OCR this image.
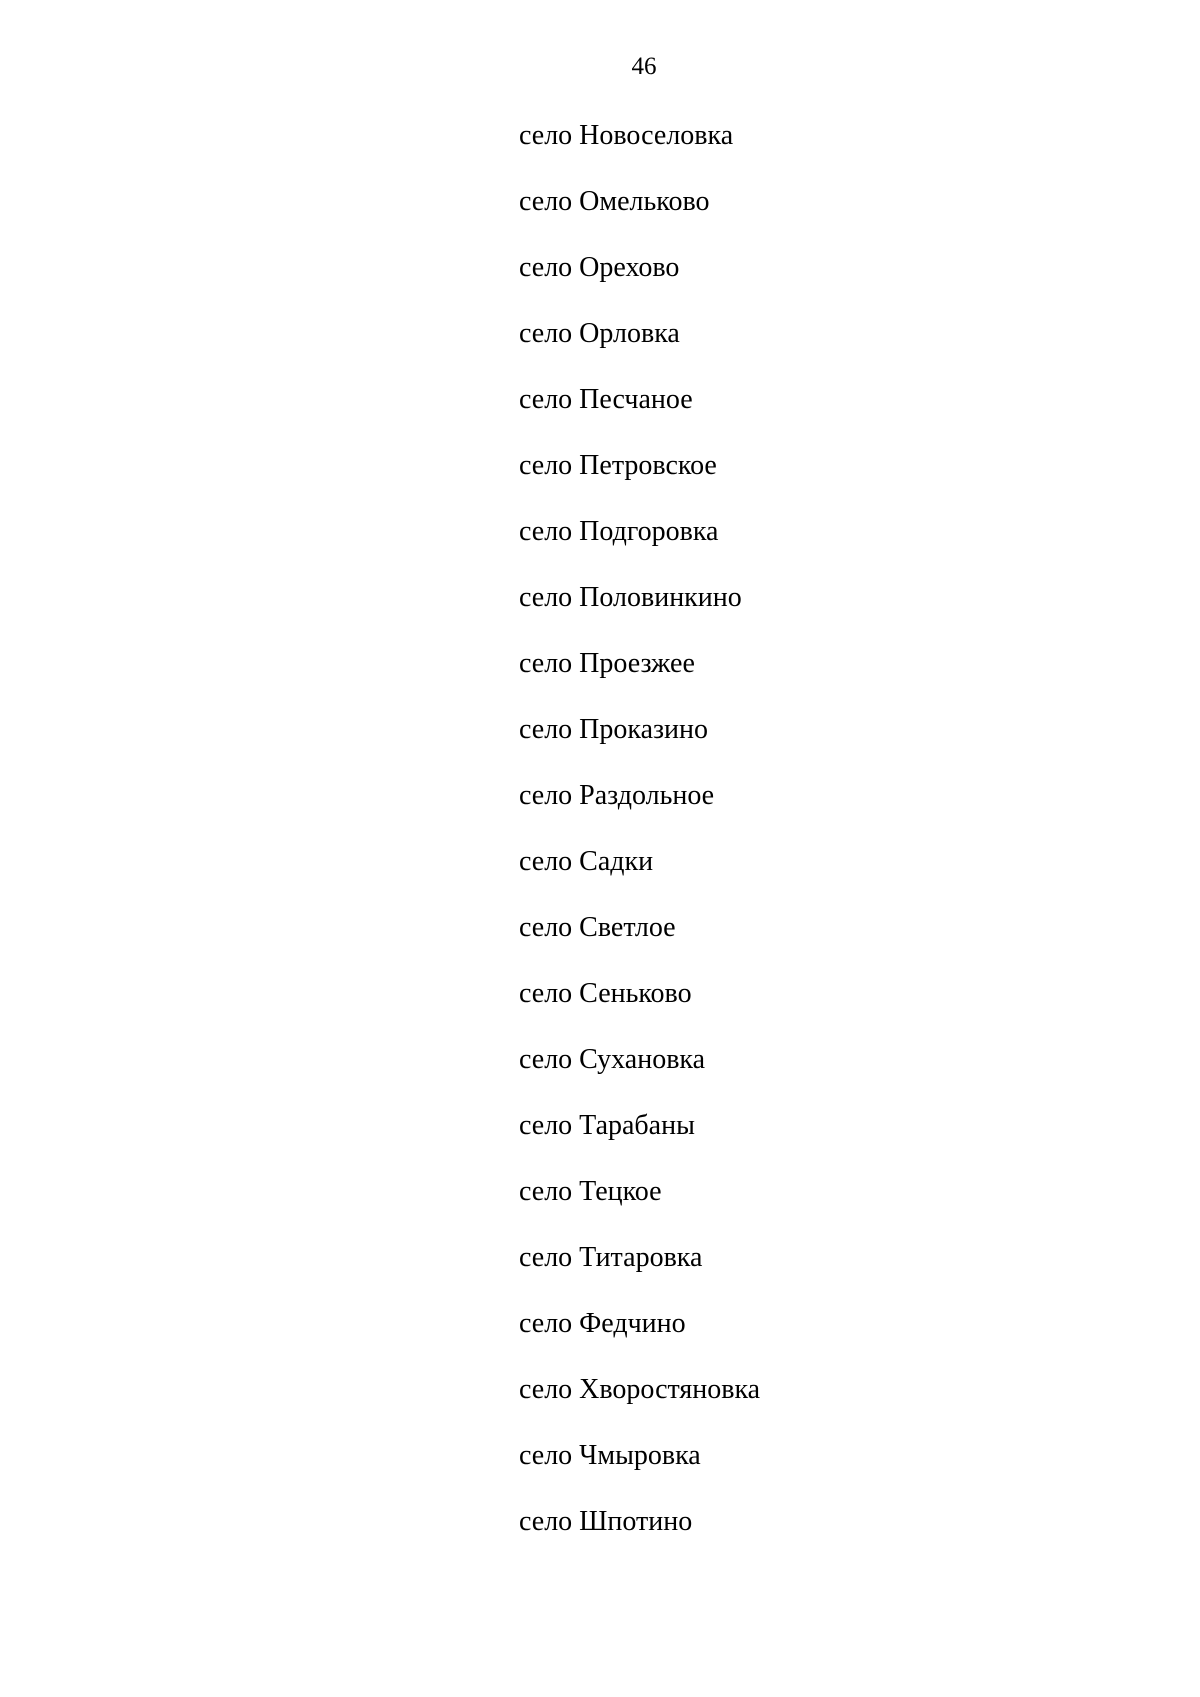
46
село Новоселовка
село Омельково
село Орехово
село Орловка
село Песчаное
село Петровское
село Подгоровка
село Половинкино
село Проезжее
село Проказино
село Раздольное
село Садки
село Светлое
село Сеньково
село Сухановка
село Тарабаны
село Тецкое
село Титаровка
село Федчино
село Хворостяновка
село Чмыровка
село Шпотино
